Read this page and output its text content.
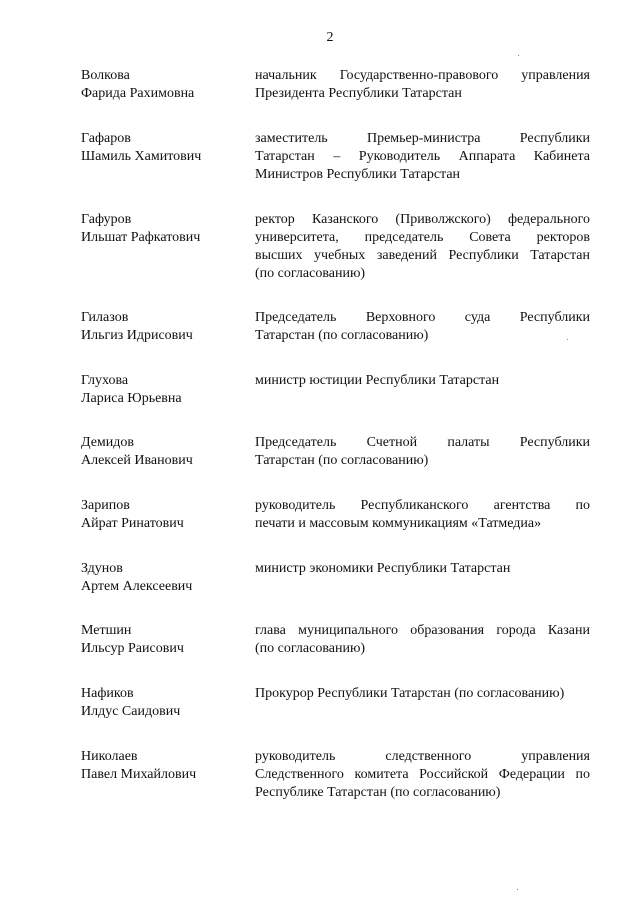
2
Волкова
Фарида Рахимовна
начальник Государственно-правового управления
Президента Республики Татарстан
Гафаров
Шамиль Хамитович
заместитель Премьер-министра Республики
Татарстан – Руководитель Аппарата Кабинета
Министров Республики Татарстан
Гафуров
Ильшат Рафкатович
ректор Казанского (Приволжского) федерального
университета, председатель Совета ректоров
высших учебных заведений Республики Татарстан
(по согласованию)
Гилазов
Ильгиз Идрисович
Председатель Верховного суда Республики
Татарстан (по согласованию)
Глухова
Лариса Юрьевна
министр юстиции Республики Татарстан
Демидов
Алексей Иванович
Председатель Счетной палаты Республики
Татарстан (по согласованию)
Зарипов
Айрат Ринатович
руководитель Республиканского агентства по
печати и массовым коммуникациям «Татмедиа»
Здунов
Артем Алексеевич
министр экономики Республики Татарстан
Метшин
Ильсур Раисович
глава муниципального образования города Казани
(по согласованию)
Нафиков
Илдус Саидович
Прокурор Республики Татарстан (по согласованию)
Николаев
Павел Михайлович
руководитель следственного управления
Следственного комитета Российской Федерации по
Республике Татарстан (по согласованию)
